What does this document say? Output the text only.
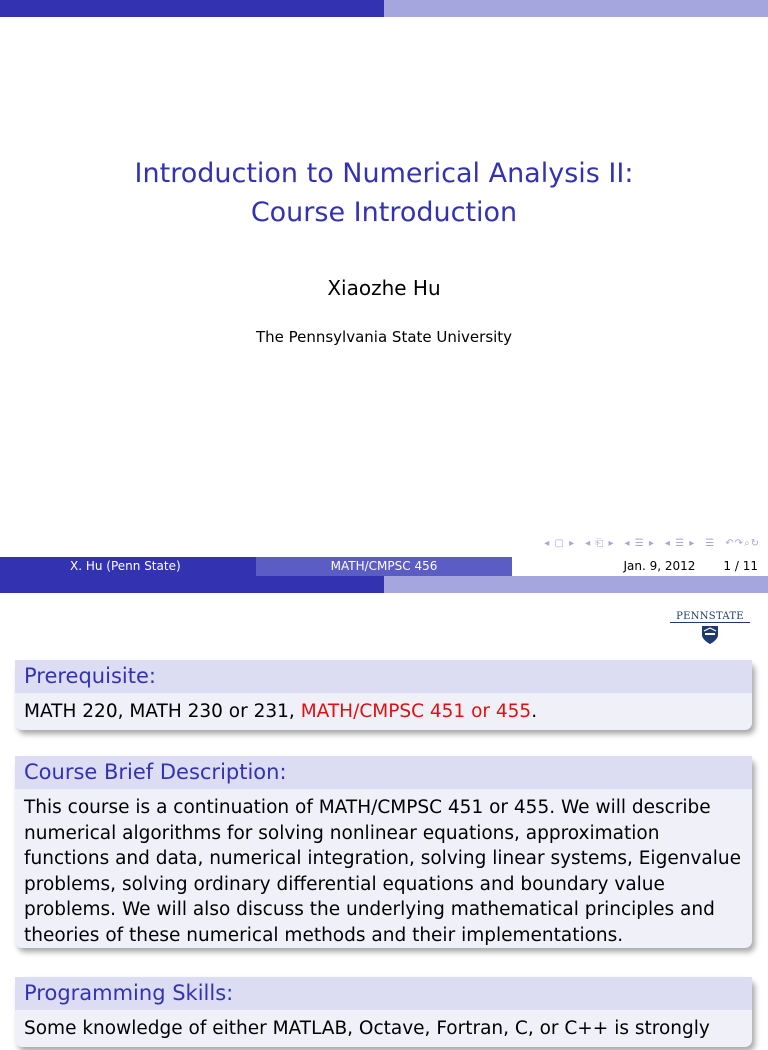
Introduction to Numerical Analysis II:
Course Introduction
Xiaozhe Hu
The Pennsylvania State University
◂ ▢ ▸ ◂ ⎗ ▸ ◂ ☰ ▸ ◂ ☰ ▸ ☰ ↶↷⌕↻
X. Hu (Penn State)	MATH/CMPSC 456	Jan. 9, 2012 1 / 11
PENNSTATE
Prerequisite:
MATH 220, MATH 230 or 231, MATH/CMPSC 451 or 455.
Course Brief Description:
This course is a continuation of MATH/CMPSC 451 or 455. We will describe numerical algorithms for solving nonlinear equations, approximation functions and data, numerical integration, solving linear systems, Eigenvalue problems, solving ordinary differential equations and boundary value problems. We will also discuss the underlying mathematical principles and theories of these numerical methods and their implementations.
Programming Skills:
Some knowledge of either MATLAB, Octave, Fortran, C, or C++ is strongly
